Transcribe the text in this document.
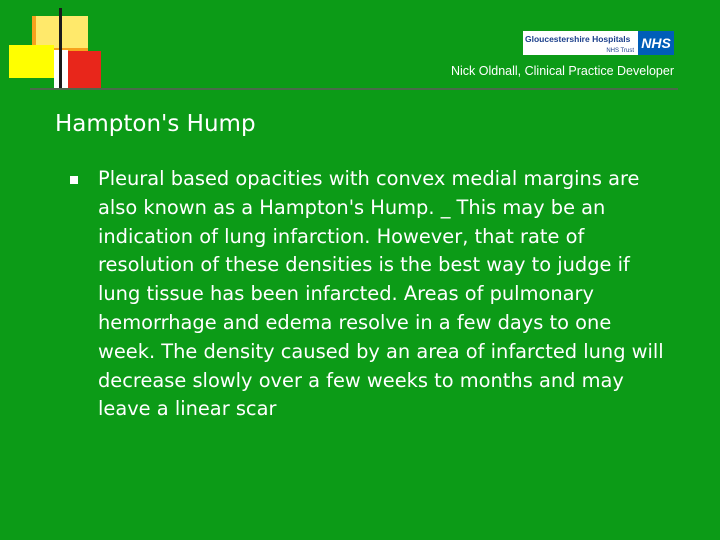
Gloucestershire Hospitals
NHS Trust NHS
Nick Oldnall, Clinical Practice Developer
Hampton's Hump
Pleural based opacities with convex medial margins are also known as a Hampton's Hump. _ This may be an indication of lung infarction. However, that rate of resolution of these densities is the best way to judge if lung tissue has been infarcted. Areas of pulmonary hemorrhage and edema resolve in a few days to one week. The density caused by an area of infarcted lung will decrease slowly over a few weeks to months and may leave a linear scar
